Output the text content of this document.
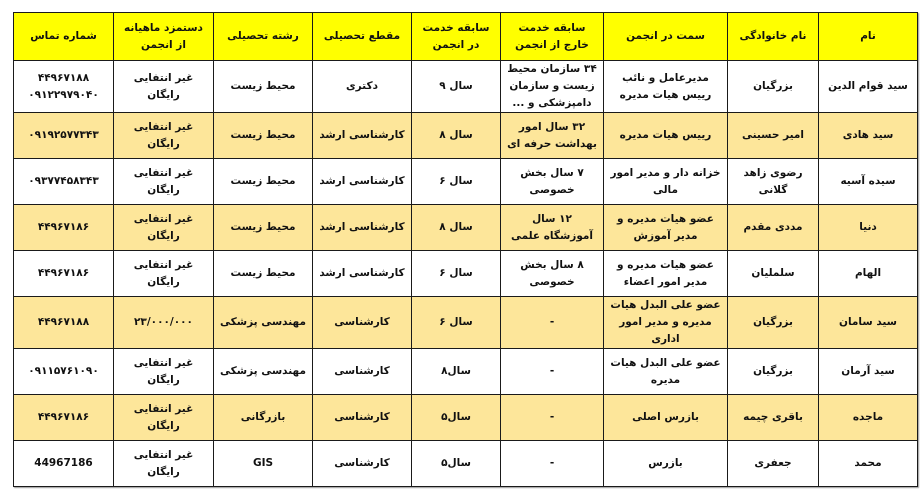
شماره تماس	دستمزد ماهیانه از انجمن	رشته تحصیلی	مقطع تحصیلی	سابقه خدمت در انجمن	سابقه خدمت خارج از انجمن	سمت در انجمن	نام خانوادگی	نام
۴۴۹۶۷۱۸۸ ۰۹۱۲۲۹۷۹۰۴۰	غیر انتفایی رایگان	محیط زیست	دکتری	سال ۹	۳۴ سازمان محیط زیست و سازمان دامپزشکی و ...	مدیرعامل و نائب رییس هیات مدیره	بزرگیان	سید قوام الدین
۰۹۱۹۲۵۷۷۳۴۳	غیر انتفایی رایگان	محیط زیست	کارشناسی ارشد	سال ۸	۳۲ سال امور بهداشت حرفه ای	رییس هیات مدیره	امیر حسینی	سید هادی
۰۹۳۷۷۴۵۸۳۴۳	غیر انتفایی رایگان	محیط زیست	کارشناسی ارشد	سال ۶	۷ سال بخش خصوصی	خزانه دار و مدیر امور مالی	رضوی زاهد گلانی	سیده آسیه
۴۴۹۶۷۱۸۶	غیر انتفایی رایگان	محیط زیست	کارشناسی ارشد	سال ۸	۱۲ سال آموزشگاه علمی	عضو هیات مدیره و مدیر آموزش	مددی مقدم	دنیا
۴۴۹۶۷۱۸۶	غیر انتفایی رایگان	محیط زیست	کارشناسی ارشد	سال ۶	۸ سال بخش خصوصی	عضو هیات مدیره و مدیر امور اعضاء	سلملیان	الهام
۴۴۹۶۷۱۸۸	۲۳/۰۰۰/۰۰۰	مهندسی پزشکی	کارشناسی	سال ۶	-	عضو علی البدل هیات مدیره و مدیر امور اداری	بزرگیان	سید سامان
۰۹۱۱۵۷۶۱۰۹۰	غیر انتفایی رایگان	مهندسی پزشکی	کارشناسی	سال۸	-	عضو علی البدل هیات مدیره	بزرگیان	سید آرمان
۴۴۹۶۷۱۸۶	غیر انتفایی رایگان	بازرگانی	کارشناسی	سال۵	-	بازرس اصلی	باقری چیمه	ماجده
44967186	غیر انتفایی رایگان	GIS	کارشناسی	سال۵	-	بازرس	جعفری	محمد
